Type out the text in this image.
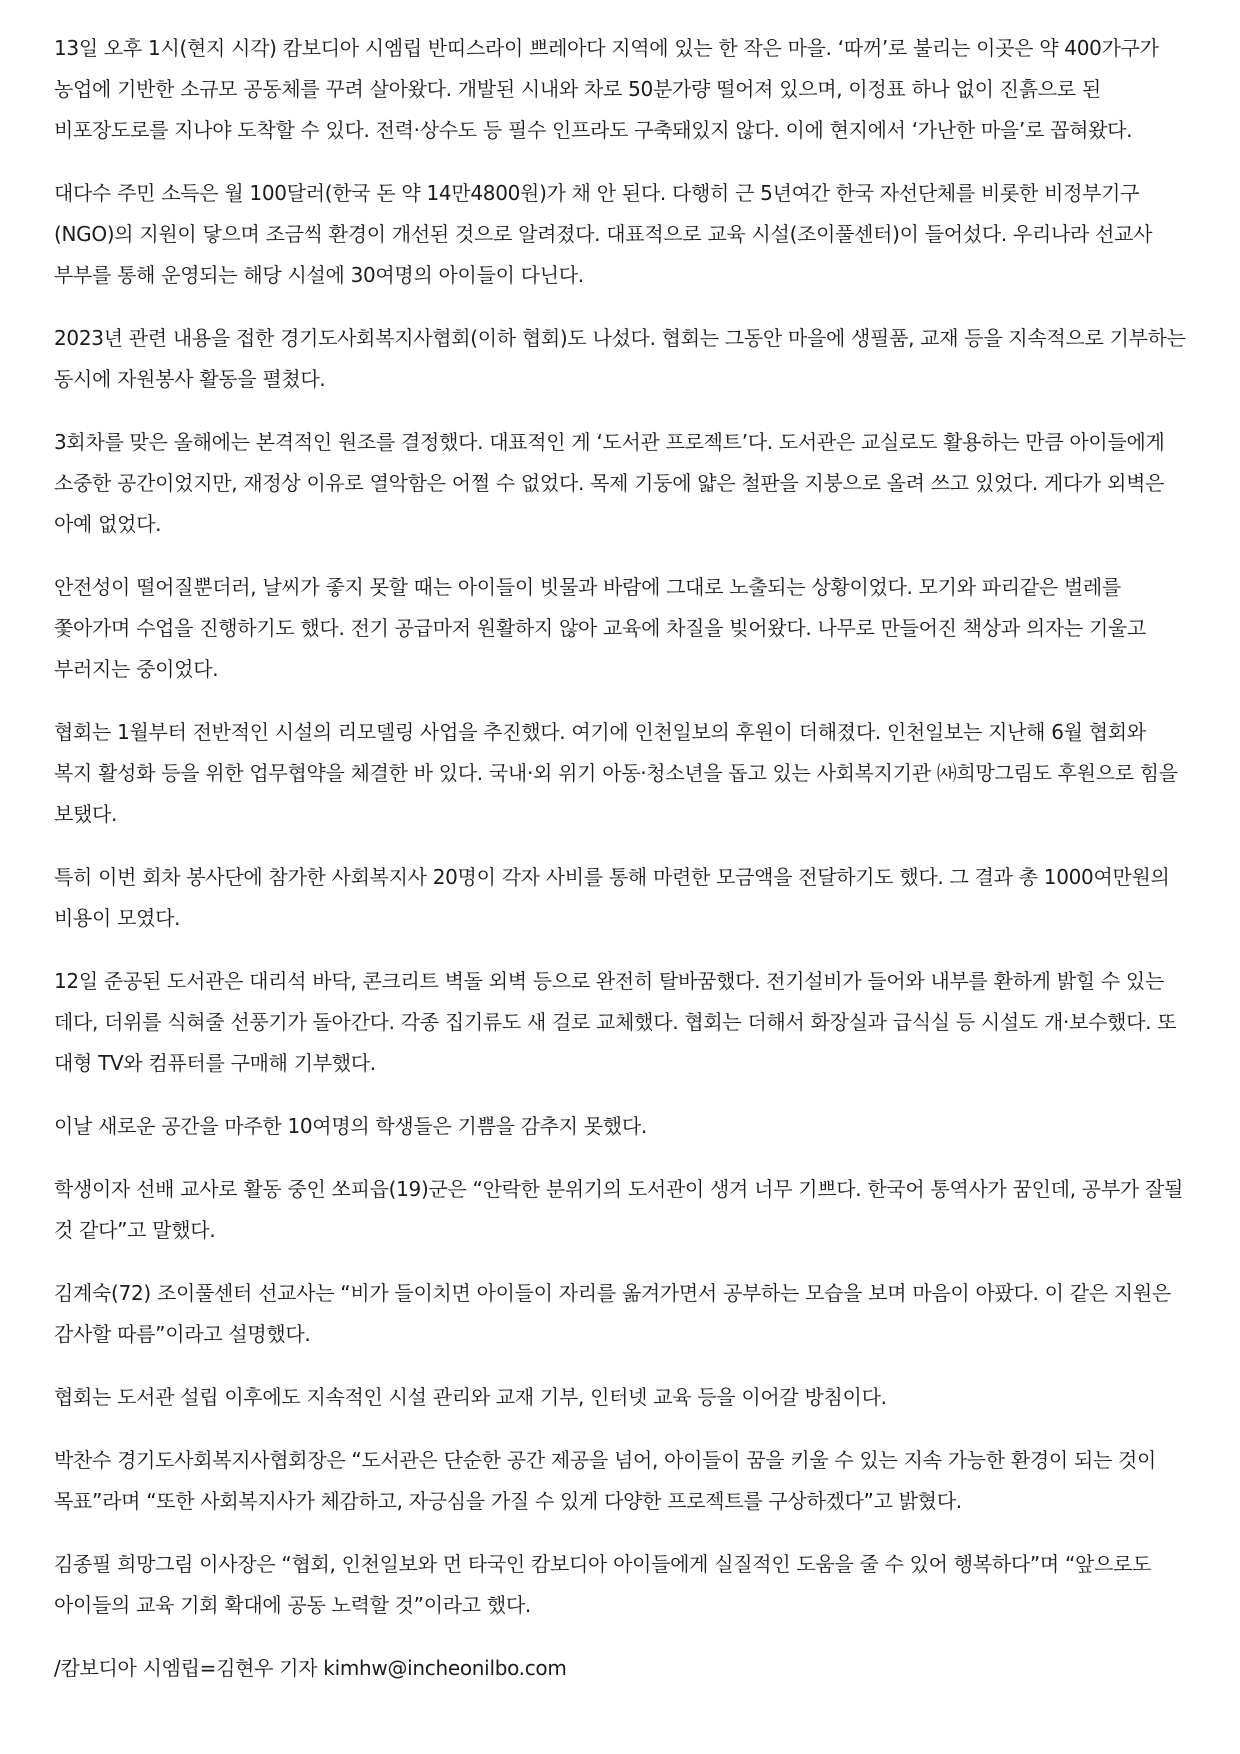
13일 오후 1시(현지 시각) 캄보디아 시엠립 반띠스라이 쁘레아다 지역에 있는 한 작은 마을. ‘따꺼’로 불리는 이곳은 약 400가구가 농업에 기반한 소규모 공동체를 꾸려 살아왔다. 개발된 시내와 차로 50분가량 떨어져 있으며, 이정표 하나 없이 진흙으로 된 비포장도로를 지나야 도착할 수 있다. 전력·상수도 등 필수 인프라도 구축돼있지 않다. 이에 현지에서 ‘가난한 마을’로 꼽혀왔다.

대다수 주민 소득은 월 100달러(한국 돈 약 14만4800원)가 채 안 된다. 다행히 근 5년여간 한국 자선단체를 비롯한 비정부기구(NGO)의 지원이 닿으며 조금씩 환경이 개선된 것으로 알려졌다. 대표적으로 교육 시설(조이풀센터)이 들어섰다. 우리나라 선교사 부부를 통해 운영되는 해당 시설에 30여명의 아이들이 다닌다.

2023년 관련 내용을 접한 경기도사회복지사협회(이하 협회)도 나섰다. 협회는 그동안 마을에 생필품, 교재 등을 지속적으로 기부하는 동시에 자원봉사 활동을 펼쳤다.

3회차를 맞은 올해에는 본격적인 원조를 결정했다. 대표적인 게 ‘도서관 프로젝트’다. 도서관은 교실로도 활용하는 만큼 아이들에게 소중한 공간이었지만, 재정상 이유로 열악함은 어쩔 수 없었다. 목제 기둥에 얇은 철판을 지붕으로 올려 쓰고 있었다. 게다가 외벽은 아예 없었다.

안전성이 떨어질뿐더러, 날씨가 좋지 못할 때는 아이들이 빗물과 바람에 그대로 노출되는 상황이었다. 모기와 파리같은 벌레를 쫓아가며 수업을 진행하기도 했다. 전기 공급마저 원활하지 않아 교육에 차질을 빚어왔다. 나무로 만들어진 책상과 의자는 기울고 부러지는 중이었다.

협회는 1월부터 전반적인 시설의 리모델링 사업을 추진했다. 여기에 인천일보의 후원이 더해졌다. 인천일보는 지난해 6월 협회와 복지 활성화 등을 위한 업무협약을 체결한 바 있다. 국내·외 위기 아동·청소년을 돕고 있는 사회복지기관 ㈔희망그림도 후원으로 힘을 보탰다.

특히 이번 회차 봉사단에 참가한 사회복지사 20명이 각자 사비를 통해 마련한 모금액을 전달하기도 했다. 그 결과 총 1000여만원의 비용이 모였다.

12일 준공된 도서관은 대리석 바닥, 콘크리트 벽돌 외벽 등으로 완전히 탈바꿈했다. 전기설비가 들어와 내부를 환하게 밝힐 수 있는 데다, 더위를 식혀줄 선풍기가 돌아간다. 각종 집기류도 새 걸로 교체했다. 협회는 더해서 화장실과 급식실 등 시설도 개·보수했다. 또 대형 TV와 컴퓨터를 구매해 기부했다.

이날 새로운 공간을 마주한 10여명의 학생들은 기쁨을 감추지 못했다.

학생이자 선배 교사로 활동 중인 쏘피읍(19)군은 “안락한 분위기의 도서관이 생겨 너무 기쁘다. 한국어 통역사가 꿈인데, 공부가 잘될 것 같다”고 말했다.

김계숙(72) 조이풀센터 선교사는 “비가 들이치면 아이들이 자리를 옮겨가면서 공부하는 모습을 보며 마음이 아팠다. 이 같은 지원은 감사할 따름”이라고 설명했다.

협회는 도서관 설립 이후에도 지속적인 시설 관리와 교재 기부, 인터넷 교육 등을 이어갈 방침이다.

박찬수 경기도사회복지사협회장은 “도서관은 단순한 공간 제공을 넘어, 아이들이 꿈을 키울 수 있는 지속 가능한 환경이 되는 것이 목표”라며 “또한 사회복지사가 체감하고, 자긍심을 가질 수 있게 다양한 프로젝트를 구상하겠다”고 밝혔다.

김종필 희망그림 이사장은 “협회, 인천일보와 먼 타국인 캄보디아 아이들에게 실질적인 도움을 줄 수 있어 행복하다”며 “앞으로도 아이들의 교육 기회 확대에 공동 노력할 것”이라고 했다.

/캄보디아 시엠립=김현우 기자 kimhw@incheonilbo.com
